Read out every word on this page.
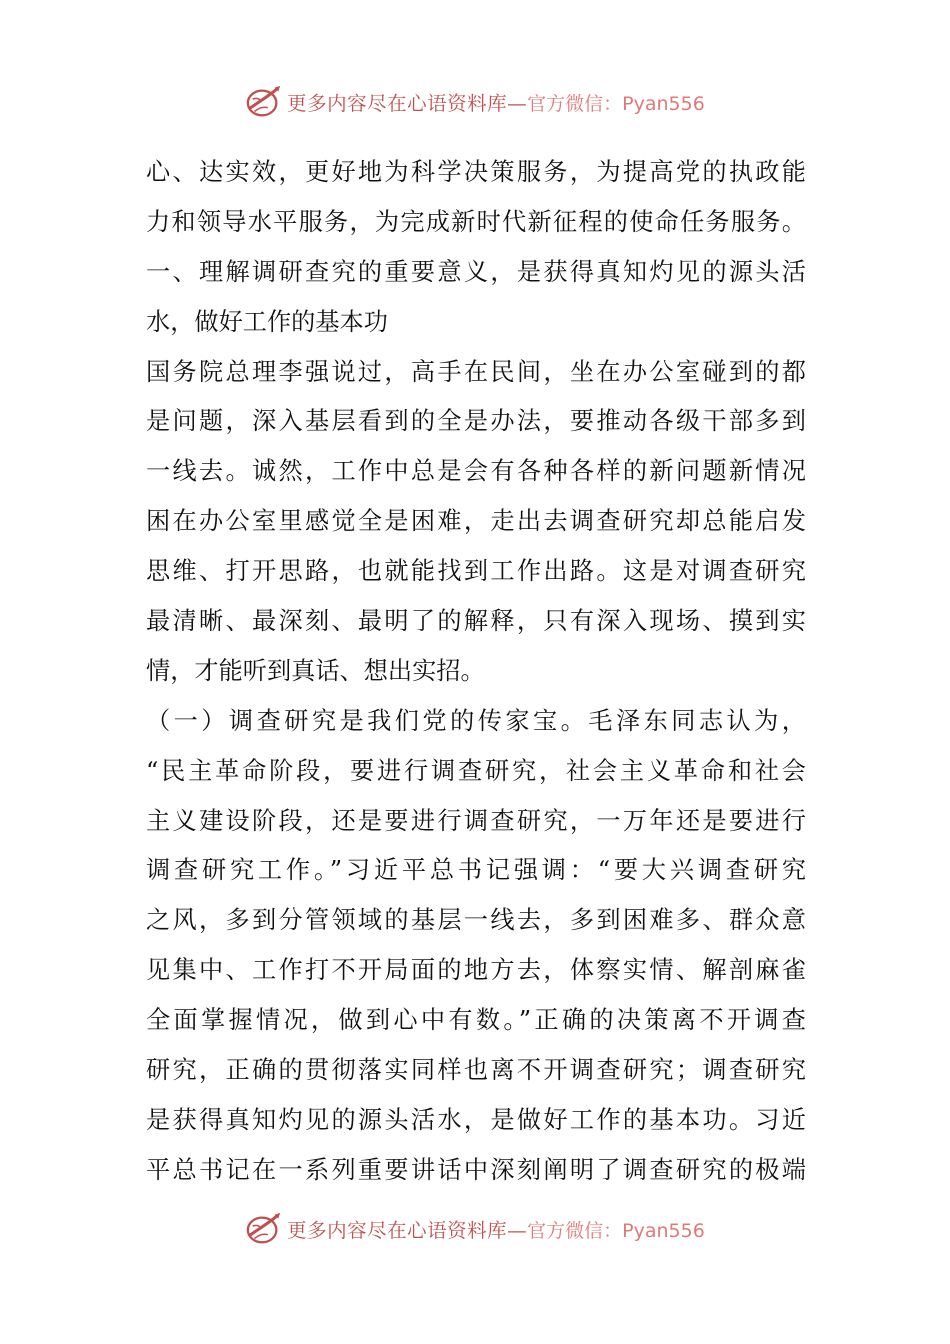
更多内容尽在心语资料库— 官方微信：Pyan556
心、达实效，更好地为科学决策服务，为提高党的执政能
力和领导水平服务，为完成新时代新征程的使命任务服务。
一、理解调研查究的重要意义，是获得真知灼见的源头活
水，做好工作的基本功
国务院总理李强说过，高手在民间，坐在办公室碰到的都
是问题，深入基层看到的全是办法，要推动各级干部多到
一线去。诚然，工作中总是会有各种各样的新问题新情况
困在办公室里感觉全是困难，走出去调查研究却总能启发
思维、打开思路，也就能找到工作出路。这是对调查研究
最清晰、最深刻、最明了的解释，只有深入现场、摸到实
情，才能听到真话、想出实招。
（一）调查研究是我们党的传家宝。毛泽东同志认为，
“民主革命阶段，要进行调查研究，社会主义革命和社会
主义建设阶段，还是要进行调查研究，一万年还是要进行
调查研究工作。”习近平总书记强调：“要大兴调查研究
之风，多到分管领域的基层一线去，多到困难多、群众意
见集中、工作打不开局面的地方去，体察实情、解剖麻雀
全面掌握情况，做到心中有数。”正确的决策离不开调查
研究，正确的贯彻落实同样也离不开调查研究；调查研究
是获得真知灼见的源头活水，是做好工作的基本功。习近
平总书记在一系列重要讲话中深刻阐明了调查研究的极端
更多内容尽在心语资料库— 官方微信：Pyan556
